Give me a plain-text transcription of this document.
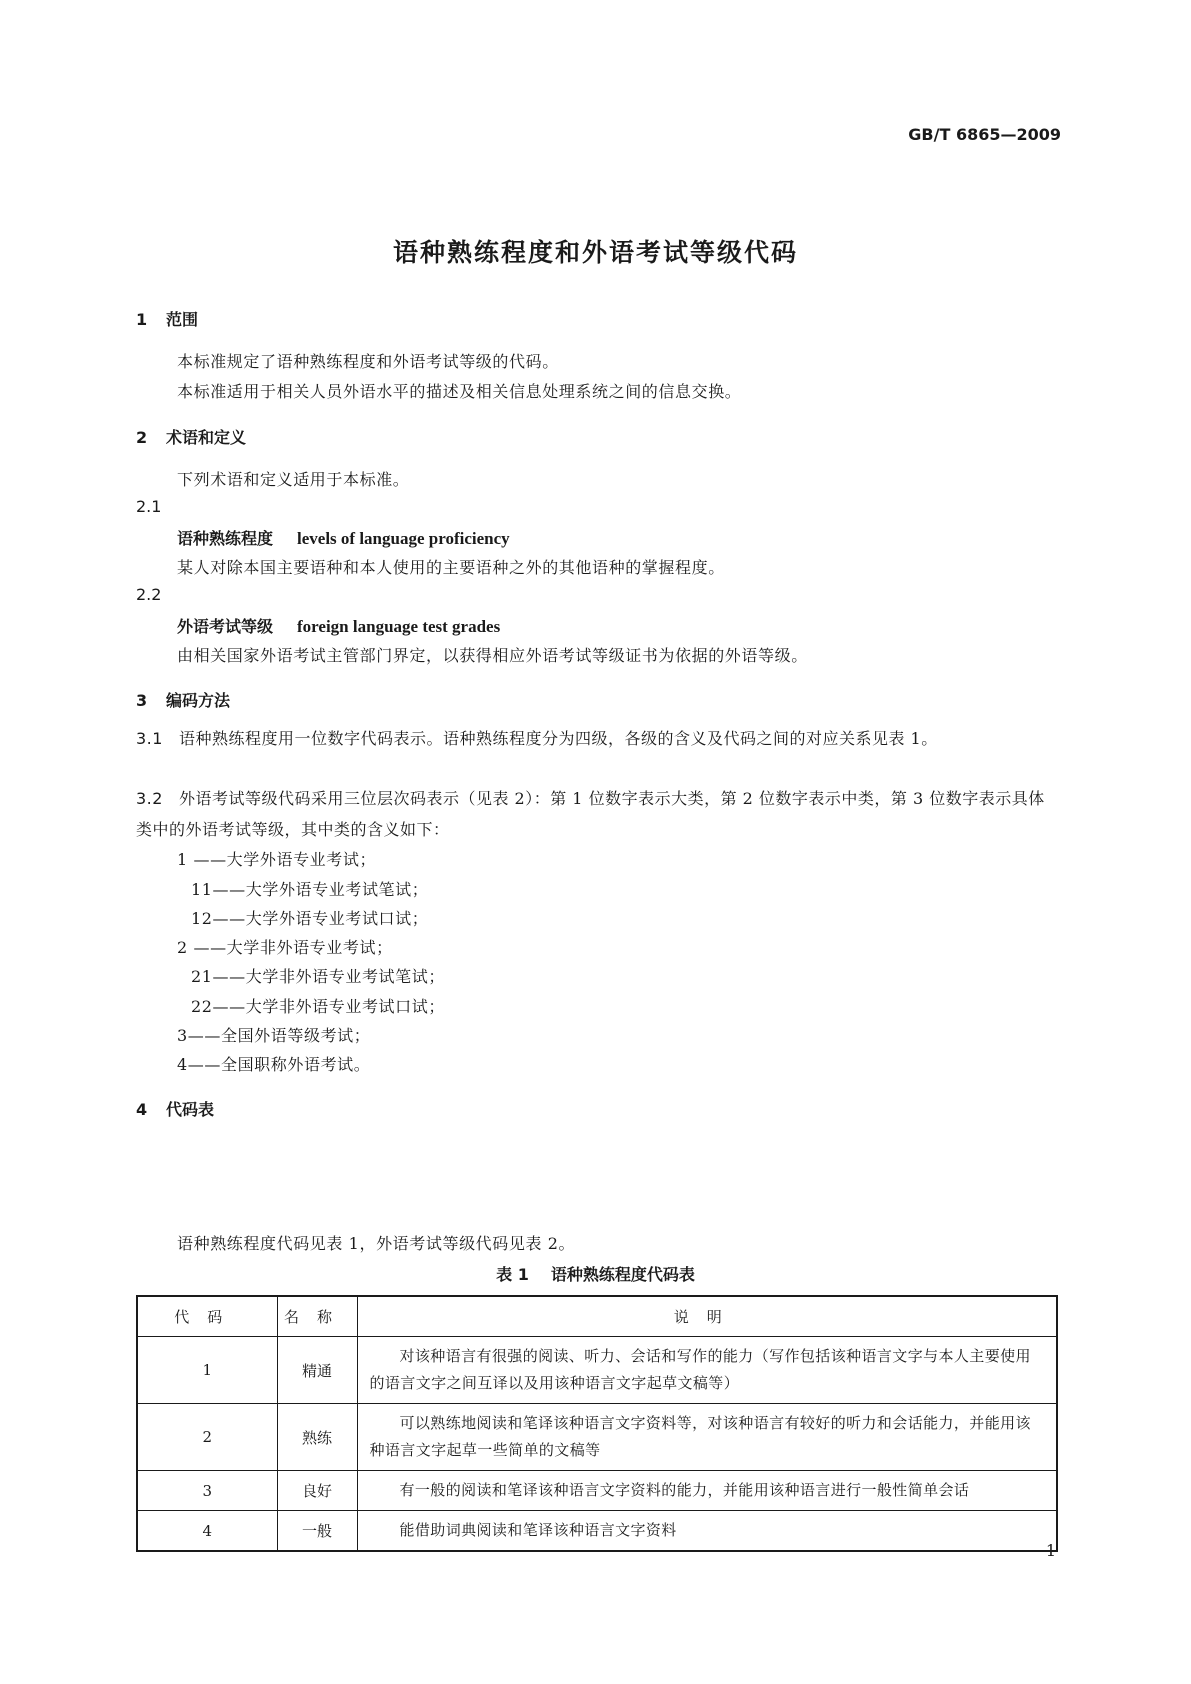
GB/T 6865—2009
语种熟练程度和外语考试等级代码
1 范围
本标准规定了语种熟练程度和外语考试等级的代码。
本标准适用于相关人员外语水平的描述及相关信息处理系统之间的信息交换。
2 术语和定义
下列术语和定义适用于本标准。
2.1
语种熟练程度 levels of language proficiency
某人对除本国主要语种和本人使用的主要语种之外的其他语种的掌握程度。
2.2
外语考试等级 foreign language test grades
由相关国家外语考试主管部门界定，以获得相应外语考试等级证书为依据的外语等级。
3 编码方法
3.1 语种熟练程度用一位数字代码表示。语种熟练程度分为四级，各级的含义及代码之间的对应关系见表 1。
3.2 外语考试等级代码采用三位层次码表示（见表 2）：第 1 位数字表示大类，第 2 位数字表示中类，第 3 位数字表示具体类中的外语考试等级，其中类的含义如下：
1 ——大学外语专业考试；
11——大学外语专业考试笔试；
12——大学外语专业考试口试；
2 ——大学非外语专业考试；
21——大学非外语专业考试笔试；
22——大学非外语专业考试口试；
3——全国外语等级考试；
4——全国职称外语考试。
4 代码表
语种熟练程度代码见表 1，外语考试等级代码见表 2。
表 1 语种熟练程度代码表
代码	名称	说明
1	精通	对该种语言有很强的阅读、听力、会话和写作的能力（写作包括该种语言文字与本人主要使用的语言文字之间互译以及用该种语言文字起草文稿等）
2	熟练	可以熟练地阅读和笔译该种语言文字资料等，对该种语言有较好的听力和会话能力，并能用该种语言文字起草一些简单的文稿等
3	良好	有一般的阅读和笔译该种语言文字资料的能力，并能用该种语言进行一般性简单会话
4	一般	能借助词典阅读和笔译该种语言文字资料
1
